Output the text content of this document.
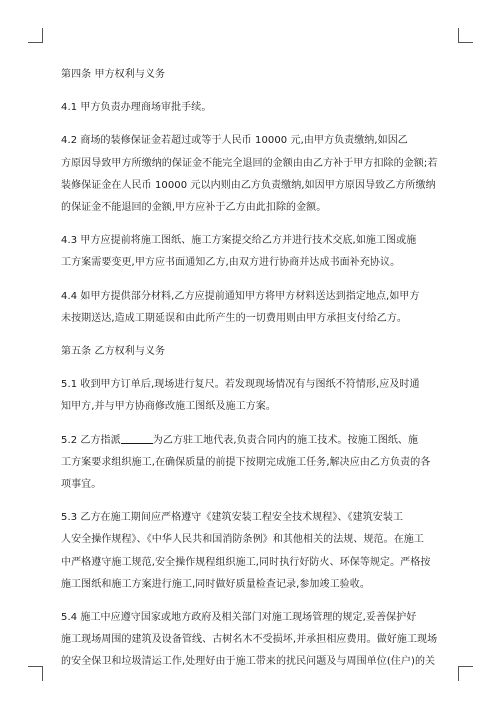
第四条 甲方权利与义务

4.1 甲方负责办理商场审批手续。

4.2 商场的装修保证金若超过或等于人民币 10000 元,由甲方负责缴纳,如因乙

方原因导致甲方所缴纳的保证金不能完全退回的金额由由乙方补于甲方扣除的金额;若

装修保证金在人民币 10000 元以内则由乙方负责缴纳,如因甲方原因导致乙方所缴纳

的保证金不能退回的金额,甲方应补于乙方由此扣除的金额。

4.3 甲方应提前将施工图纸、施工方案提交给乙方并进行技术交底,如施工图或施

工方案需要变更,甲方应书面通知乙方,由双方进行协商并达成书面补充协议。

4.4 如甲方提供部分材料,乙方应提前通知甲方将甲方材料送达到指定地点,如甲方

未按期送达,造成工期延误和由此所产生的一切费用则由甲方承担支付给乙方。

第五条 乙方权利与义务

5.1 收到甲方订单后,现场进行复尺。若发现现场情况有与图纸不符情形,应及时通

知甲方,并与甲方协商修改施工图纸及施工方案。

5.2 乙方指派	为乙方驻工地代表,负责合同内的施工技术。按施工图纸、施

工方案要求组织施工,在确保质量的前提下按期完成施工任务,解决应由乙方负责的各

项事宜。

5.3 乙方在施工期间应严格遵守《建筑安装工程安全技术规程》、《建筑安装工

人安全操作规程》、《中华人民共和国消防条例》和其他相关的法规、规范。在施工

中严格遵守施工规范,安全操作规程组织施工,同时执行好防火、环保等规定。严格按

施工图纸和施工方案进行施工,同时做好质量检查记录,参加竣工验收。

5.4 施工中应遵守国家或地方政府及相关部门对施工现场管理的规定,妥善保护好

施工现场周围的建筑及设备管线、古树名木不受损坏,并承担相应费用。做好施工现场

的安全保卫和垃圾清运工作,处理好由于施工带来的扰民问题及与周围单位(住户)的关
